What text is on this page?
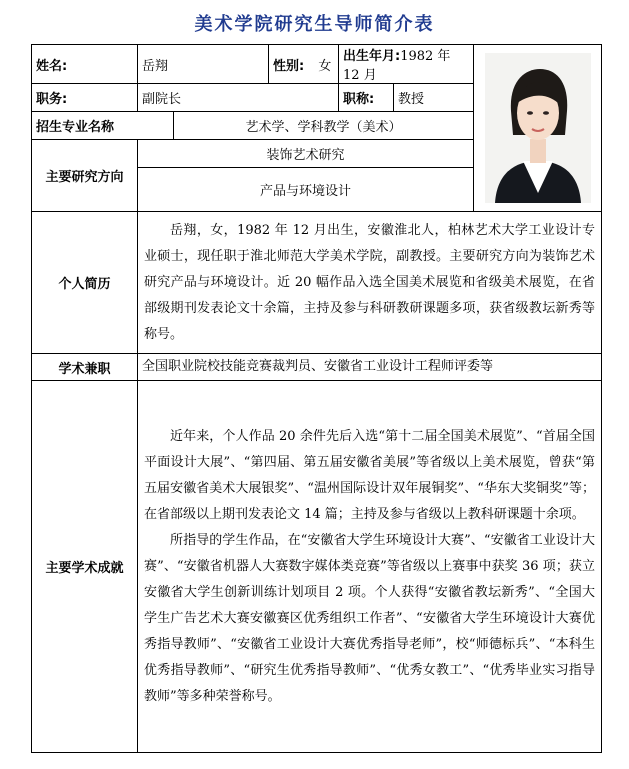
美术学院研究生导师简介表
姓名:	岳翔		性别: 女	出生年月:1982 年 12 月	

职务:	副院长			职称:	教授	
招生专业名称		艺术学、学科教学（美术）				
主要研究方向	装饰艺术研究					
	产品与环境设计					
个人简历	岳翔，女，1982 年 12 月出生，安徽淮北人，柏林艺术大学工业设计专业硕士，现任职于淮北师范大学美术学院，副教授。主要研究方向为装饰艺术研究产品与环境设计。近 20 幅作品入选全国美术展览和省级美术展览，在省部级期刊发表论文十余篇，主持及参与科研教研课题多项，获省级教坛新秀等称号。					

学术兼职	全国职业院校技能竞赛裁判员、安徽省工业设计工程师评委等					
主要学术成就	近年来，个人作品 20 余件先后入选“第十二届全国美术展览”、“首届全国平面设计大展”、“第四届、第五届安徽省美展”等省级以上美术展览，曾获“第五届安徽省美术大展银奖”、“温州国际设计双年展铜奖”、“华东大奖铜奖”等；在省部级以上期刊发表论文 14 篇；主持及参与省级以上教科研课题十余项。

所指导的学生作品，在“安徽省大学生环境设计大赛”、“安徽省工业设计大赛”、“安徽省机器人大赛数字媒体类竞赛”等省级以上赛事中获奖 36 项；获立安徽省大学生创新训练计划项目 2 项。个人获得“安徽省教坛新秀”、“全国大学生广告艺术大赛安徽赛区优秀组织工作者”、“安徽省大学生环境设计大赛优秀指导教师”、“安徽省工业设计大赛优秀指导老师”，校“师德标兵”、“本科生优秀指导教师”、“研究生优秀指导教师”、“优秀女教工”、“优秀毕业实习指导教师”等多种荣誉称号。					
